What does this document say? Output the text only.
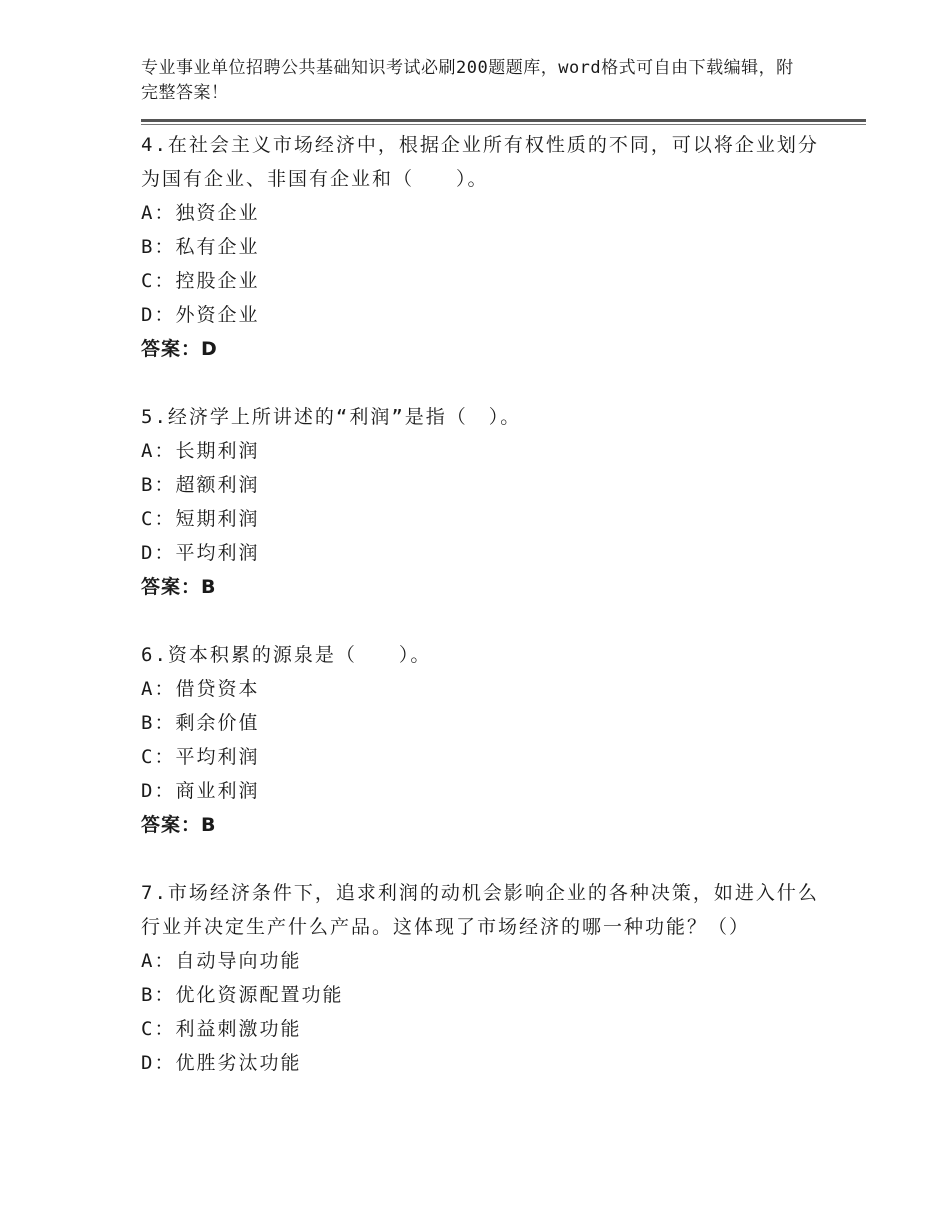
专业事业单位招聘公共基础知识考试必刷200题题库，word格式可自由下载编辑，附完整答案！

4.在社会主义市场经济中，根据企业所有权性质的不同，可以将企业划分为国有企业、非国有企业和（　　）。

A：独资企业

B：私有企业

C：控股企业

D：外资企业

答案：D

5.经济学上所讲述的“利润”是指（　）。

A：长期利润

B：超额利润

C：短期利润

D：平均利润

答案：B

6.资本积累的源泉是（　　）。

A：借贷资本

B：剩余价值

C：平均利润

D：商业利润

答案：B

7.市场经济条件下，追求利润的动机会影响企业的各种决策，如进入什么行业并决定生产什么产品。这体现了市场经济的哪一种功能？（）

A：自动导向功能

B：优化资源配置功能

C：利益刺激功能

D：优胜劣汰功能
